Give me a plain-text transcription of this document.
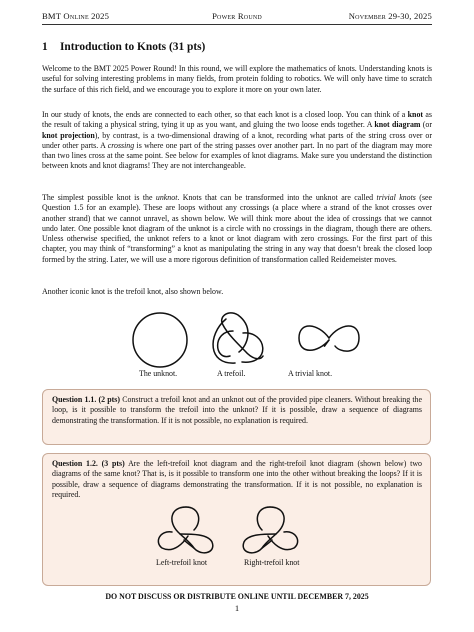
BMT Online 2025	Power Round	November 29-30, 2025
1 Introduction to Knots (31 pts)
Welcome to the BMT 2025 Power Round! In this round, we will explore the mathematics of knots. Understanding knots is useful for solving interesting problems in many fields, from protein folding to robotics. We will only have time to scratch the surface of this rich field, and we encourage you to explore it more on your own later.
In our study of knots, the ends are connected to each other, so that each knot is a closed loop. You can think of a knot as the result of taking a physical string, tying it up as you want, and gluing the two loose ends together. A knot diagram (or knot projection), by contrast, is a two-dimensional drawing of a knot, recording what parts of the string cross over or under other parts. A crossing is where one part of the string passes over another part. In no part of the diagram may more than two lines cross at the same point. See below for examples of knot diagrams. Make sure you understand the distinction between knots and knot diagrams! They are not interchangeable.
The simplest possible knot is the unknot. Knots that can be transformed into the unknot are called trivial knots (see Question 1.5 for an example). These are loops without any crossings (a place where a strand of the knot crosses over another strand) that we cannot unravel, as shown below. We will think more about the idea of crossings that we cannot undo later. One possible knot diagram of the unknot is a circle with no crossings in the diagram, though there are others. Unless otherwise specified, the unknot refers to a knot or knot diagram with zero crossings. For the first part of this chapter, you may think of “transforming” a knot as manipulating the string in any way that doesn’t break the closed loop formed by the string. Later, we will use a more rigorous definition of transformation called Reidemeister moves.
Another iconic knot is the trefoil knot, also shown below.
The unknot.	A trefoil.	A trivial knot.
Question 1.1. (2 pts) Construct a trefoil knot and an unknot out of the provided pipe cleaners. Without breaking the loop, is it possible to transform the trefoil into the unknot? If it is possible, draw a sequence of diagrams demonstrating the transformation. If it is not possible, no explanation is required.
Question 1.2. (3 pts) Are the left-trefoil knot diagram and the right-trefoil knot diagram (shown below) two diagrams of the same knot? That is, is it possible to transform one into the other without breaking the loops? If it is possible, draw a sequence of diagrams demonstrating the transformation. If it is not possible, no explanation is required.
Left-trefoil knot	Right-trefoil knot
DO NOT DISCUSS OR DISTRIBUTE ONLINE UNTIL DECEMBER 7, 2025
1
